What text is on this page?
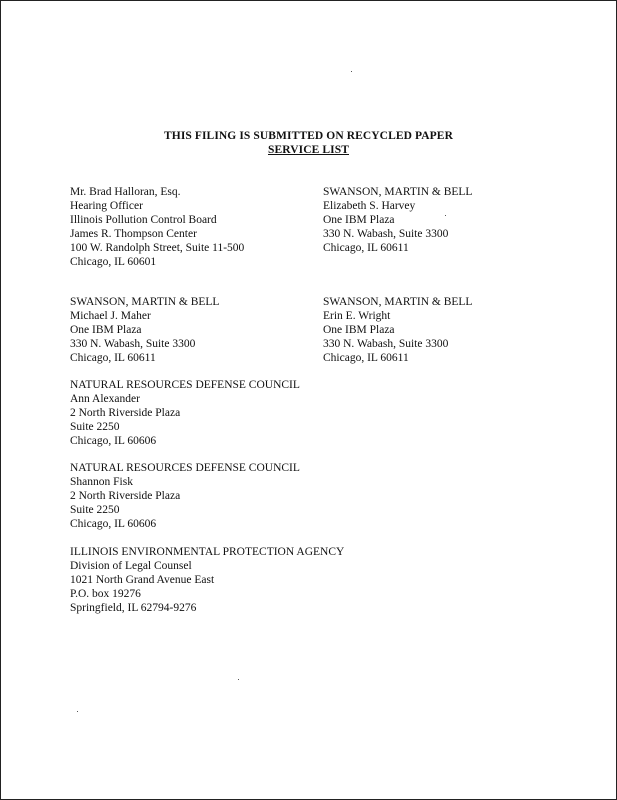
THIS FILING IS SUBMITTED ON RECYCLED PAPER
SERVICE LIST
Mr. Brad Halloran, Esq.
Hearing Officer
Illinois Pollution Control Board
James R. Thompson Center
100 W. Randolph Street, Suite 11-500
Chicago, IL 60601
SWANSON, MARTIN & BELL
Elizabeth S. Harvey
One IBM Plaza
330 N. Wabash, Suite 3300
Chicago, IL 60611
SWANSON, MARTIN & BELL
Michael J. Maher
One IBM Plaza
330 N. Wabash, Suite 3300
Chicago, IL 60611
SWANSON, MARTIN & BELL
Erin E. Wright
One IBM Plaza
330 N. Wabash, Suite 3300
Chicago, IL 60611
NATURAL RESOURCES DEFENSE COUNCIL
Ann Alexander
2 North Riverside Plaza
Suite 2250
Chicago, IL 60606
NATURAL RESOURCES DEFENSE COUNCIL
Shannon Fisk
2 North Riverside Plaza
Suite 2250
Chicago, IL 60606
ILLINOIS ENVIRONMENTAL PROTECTION AGENCY
Division of Legal Counsel
1021 North Grand Avenue East
P.O. box 19276
Springfield, IL 62794-9276
